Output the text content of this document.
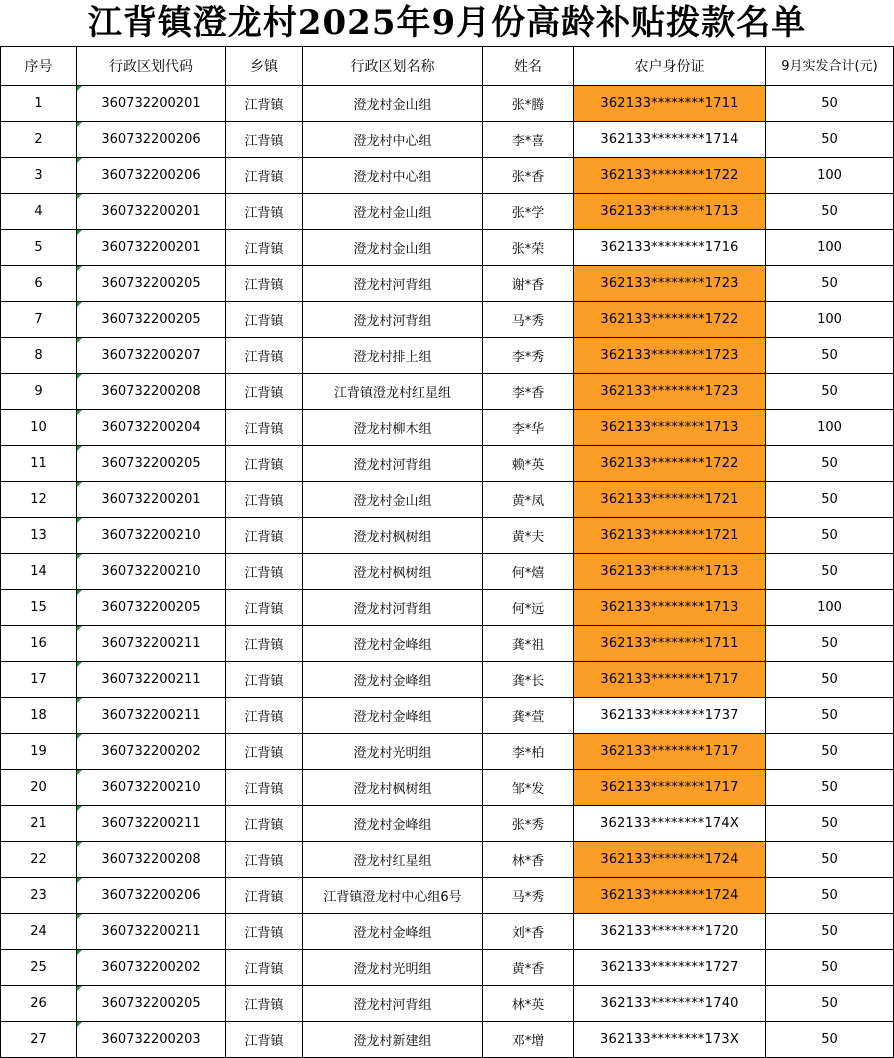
江背镇澄龙村2025年9月份高龄补贴拨款名单
序号	行政区划代码	乡镇	行政区划名称	姓名	农户身份证	9月实发合计(元)
1	360732200201	江背镇	澄龙村金山组	张*腾	362133********1711	50
2	360732200206	江背镇	澄龙村中心组	李*喜	362133********1714	50
3	360732200206	江背镇	澄龙村中心组	张*香	362133********1722	100
4	360732200201	江背镇	澄龙村金山组	张*学	362133********1713	50
5	360732200201	江背镇	澄龙村金山组	张*荣	362133********1716	100
6	360732200205	江背镇	澄龙村河背组	谢*香	362133********1723	50
7	360732200205	江背镇	澄龙村河背组	马*秀	362133********1722	100
8	360732200207	江背镇	澄龙村排上组	李*秀	362133********1723	50
9	360732200208	江背镇	江背镇澄龙村红星组	李*香	362133********1723	50
10	360732200204	江背镇	澄龙村柳木组	李*华	362133********1713	100
11	360732200205	江背镇	澄龙村河背组	赖*英	362133********1722	50
12	360732200201	江背镇	澄龙村金山组	黄*凤	362133********1721	50
13	360732200210	江背镇	澄龙村枫树组	黄*夫	362133********1721	50
14	360732200210	江背镇	澄龙村枫树组	何*熺	362133********1713	50
15	360732200205	江背镇	澄龙村河背组	何*远	362133********1713	100
16	360732200211	江背镇	澄龙村金峰组	龚*祖	362133********1711	50
17	360732200211	江背镇	澄龙村金峰组	龚*长	362133********1717	50
18	360732200211	江背镇	澄龙村金峰组	龚*萱	362133********1737	50
19	360732200202	江背镇	澄龙村光明组	李*柏	362133********1717	50
20	360732200210	江背镇	澄龙村枫树组	邹*发	362133********1717	50
21	360732200211	江背镇	澄龙村金峰组	张*秀	362133********174X	50
22	360732200208	江背镇	澄龙村红星组	林*香	362133********1724	50
23	360732200206	江背镇	江背镇澄龙村中心组6号	马*秀	362133********1724	50
24	360732200211	江背镇	澄龙村金峰组	刘*香	362133********1720	50
25	360732200202	江背镇	澄龙村光明组	黄*香	362133********1727	50
26	360732200205	江背镇	澄龙村河背组	林*英	362133********1740	50
27	360732200203	江背镇	澄龙村新建组	邓*增	362133********173X	50
